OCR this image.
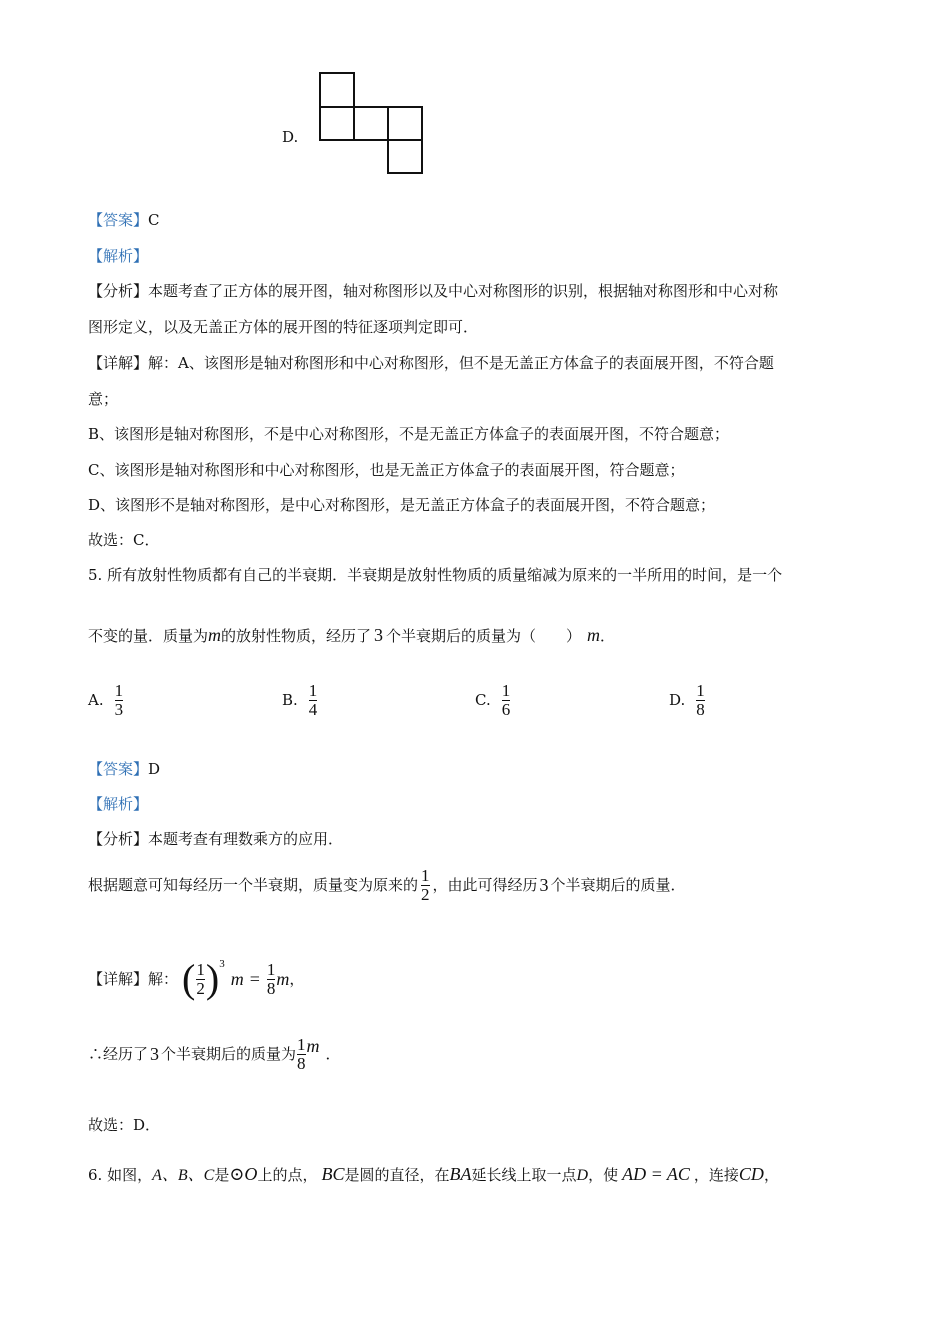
D.
【答案】C
【解析】
【分析】本题考查了正方体的展开图，轴对称图形以及中心对称图形的识别，根据轴对称图形和中心对称
图形定义，以及无盖正方体的展开图的特征逐项判定即可．
【详解】解：A、该图形是轴对称图形和中心对称图形，但不是无盖正方体盒子的表面展开图，不符合题
意；
B、该图形是轴对称图形，不是中心对称图形，不是无盖正方体盒子的表面展开图，不符合题意；
C、该图形是轴对称图形和中心对称图形，也是无盖正方体盒子的表面展开图，符合题意；
D、该图形不是轴对称图形，是中心对称图形，是无盖正方体盒子的表面展开图，不符合题意；
故选：C．
5. 所有放射性物质都有自己的半衰期．半衰期是放射性物质的质量缩减为原来的一半所用的时间，是一个
不变的量．质量为m的放射性物质，经历了 3 个半衰期后的质量为（　　） m．
A. $\frac{1}{3}$	B. $\frac{1}{4}$	C. $\frac{1}{6}$	D. $\frac{1}{8}$
【答案】D
【解析】
【分析】本题考查有理数乘方的应用．
根据题意可知每经历一个半衰期，质量变为原来的 $\frac{1}{2}$ ，由此可得经历 3 个半衰期后的质量．
【详解】 解： ( $\frac{1}{2}$ ) 3
$m = \frac{1}{8}$ m ，
∴经历了 3 个半衰期后的质量为 $\frac{1}{8}$ m ．
故选：D．
6. 如图，A、B、C是⊙O上的点， BC是圆的直径，在BA延长线上取一点D，使 AD = AC ，连接CD，
